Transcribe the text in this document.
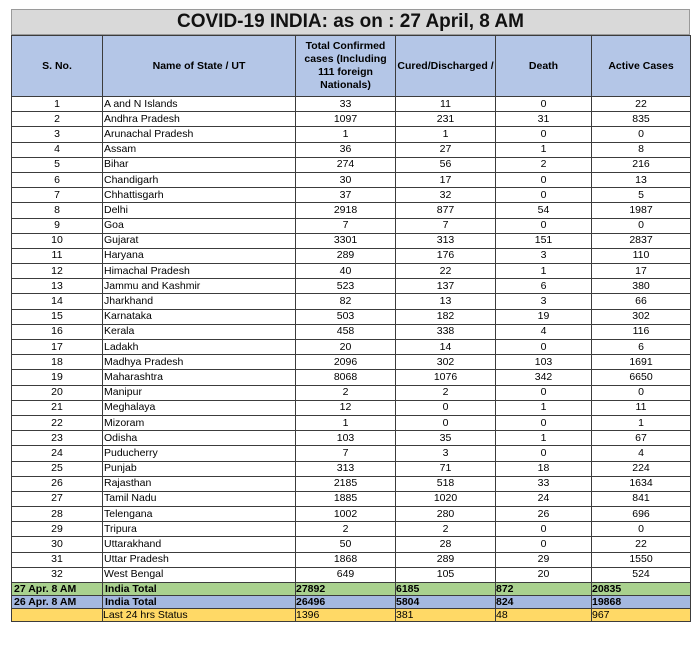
COVID-19 INDIA: as on : 27 April, 8 AM
S. No.	Name of State / UT	Total Confirmed cases (Including 111 foreign Nationals)	Cured/Discharged /	Death	Active Cases
1	A and N Islands	33	11	0	22
2	Andhra Pradesh	1097	231	31	835
3	Arunachal Pradesh	1	1	0	0
4	Assam	36	27	1	8
5	Bihar	274	56	2	216
6	Chandigarh	30	17	0	13
7	Chhattisgarh	37	32	0	5
8	Delhi	2918	877	54	1987
9	Goa	7	7	0	0
10	Gujarat	3301	313	151	2837
11	Haryana	289	176	3	110
12	Himachal Pradesh	40	22	1	17
13	Jammu and Kashmir	523	137	6	380
14	Jharkhand	82	13	3	66
15	Karnataka	503	182	19	302
16	Kerala	458	338	4	116
17	Ladakh	20	14	0	6
18	Madhya Pradesh	2096	302	103	1691
19	Maharashtra	8068	1076	342	6650
20	Manipur	2	2	0	0
21	Meghalaya	12	0	1	11
22	Mizoram	1	0	0	1
23	Odisha	103	35	1	67
24	Puducherry	7	3	0	4
25	Punjab	313	71	18	224
26	Rajasthan	2185	518	33	1634
27	Tamil Nadu	1885	1020	24	841
28	Telengana	1002	280	26	696
29	Tripura	2	2	0	0
30	Uttarakhand	50	28	0	22
31	Uttar Pradesh	1868	289	29	1550
32	West Bengal	649	105	20	524
27 Apr. 8 AM	India Total	27892	6185	872	20835
26 Apr. 8 AM	India Total	26496	5804	824	19868
	Last 24 hrs Status	1396	381	48	967
